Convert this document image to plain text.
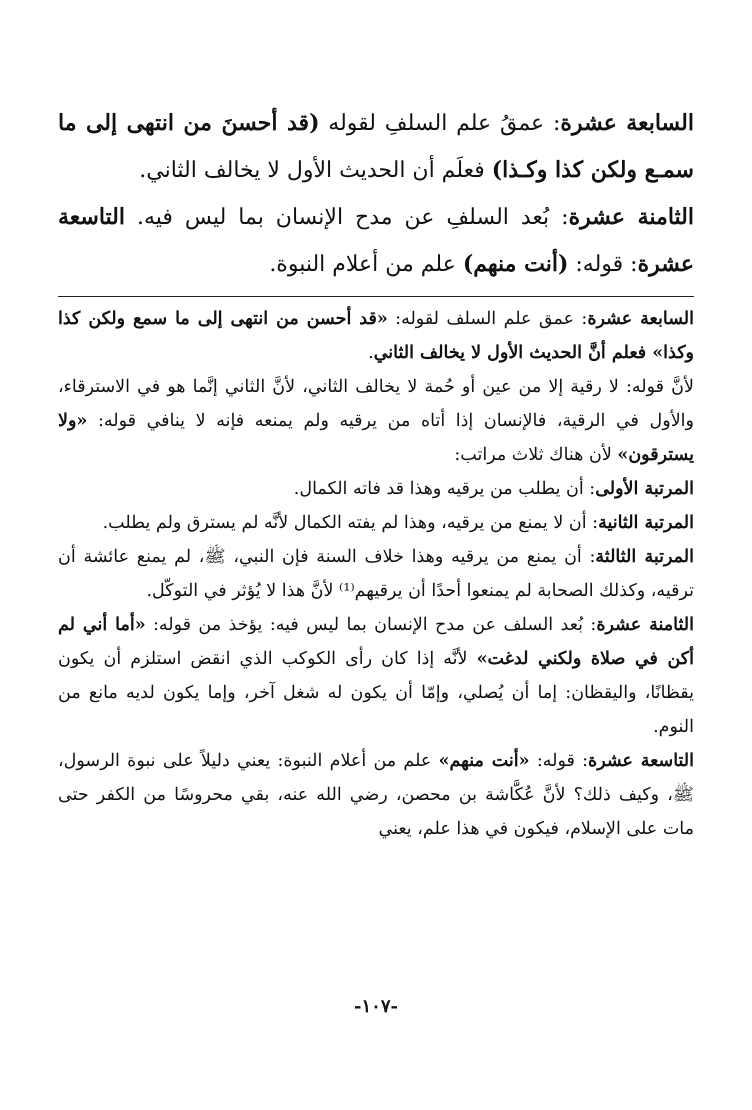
السابعة عشرة: عمقُ علم السلفِ لقوله (قد أحسنَ من انتهى إلى ما سمـع ولكن كذا وكـذا) فعلَم أن الحديث الأول لا يخالف الثاني.

الثامنة عشرة: بُعد السلفِ عن مدح الإنسان بما ليس فيه. التاسعة عشرة: قوله: (أنت منهم) علم من أعلام النبوة.

السابعة عشرة: عمق علم السلف لقوله: «قد أحسن من انتهى إلى ما سمع ولكن كذا وكذا» فعلم أنَّ الحديث الأول لا يخالف الثاني.

لأنَّ قوله: لا رقية إلا من عين أو حُمة لا يخالف الثاني، لأنَّ الثاني إنَّما هو في الاسترقاء، والأول في الرقية، فالإنسان إذا أتاه من يرقيه ولم يمنعه فإنه لا ينافي قوله: «ولا يسترقون» لأن هناك ثلاث مراتب:

المرتبة الأولى: أن يطلب من يرقيه وهذا قد فاته الكمال.

المرتبة الثانية: أن لا يمنع من يرقيه، وهذا لم يفته الكمال لأنَّه لم يسترق ولم يطلب.

المرتبة الثالثة: أن يمنع من يرقيه وهذا خلاف السنة فإن النبي، ﷺ، لم يمنع عائشة أن ترقيه، وكذلك الصحابة لم يمنعوا أحدًا أن يرقيهم⁽¹⁾ لأنَّ هذا لا يُؤثر في التوكّل.

الثامنة عشرة: بُعد السلف عن مدح الإنسان بما ليس فيه: يؤخذ من قوله: «أما أني لم أكن في صلاة ولكني لدغت» لأنَّه إذا كان رأى الكوكب الذي انقض استلزم أن يكون يقظانًا، واليقظان: إما أن يُصلي، وإمّا أن يكون له شغل آخر، وإما يكون لديه مانع من النوم.

التاسعة عشرة: قوله: «أنت منهم» علم من أعلام النبوة: يعني دليلاً على نبوة الرسول، ﷺ، وكيف ذلك؟ لأنَّ عُكَّاشة بن محصن، رضي الله عنه، بقي محروسًا من الكفر حتى مات على الإسلام، فيكون في هذا علم، يعني

-١٠٧-
